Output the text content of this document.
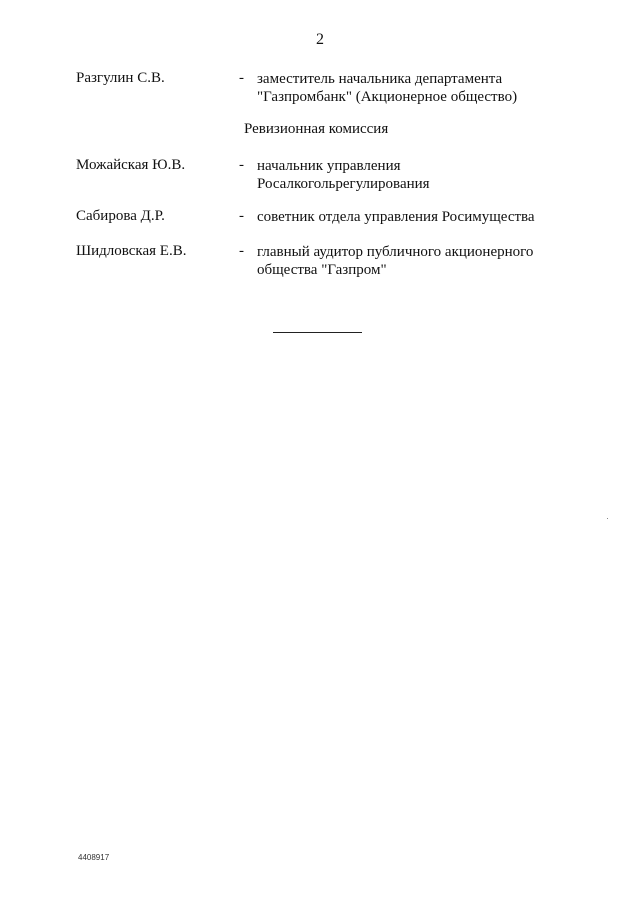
2
Разгулин С.В.	- заместитель начальника департамента
"Газпромбанк" (Акционерное общество)
Ревизионная комиссия
Можайская Ю.В.	- начальник управления
Росалкогольрегулирования
Сабирова Д.Р.	- советник отдела управления Росимущества
Шидловская Е.В.	- главный аудитор публичного акционерного
общества "Газпром"
4408917
